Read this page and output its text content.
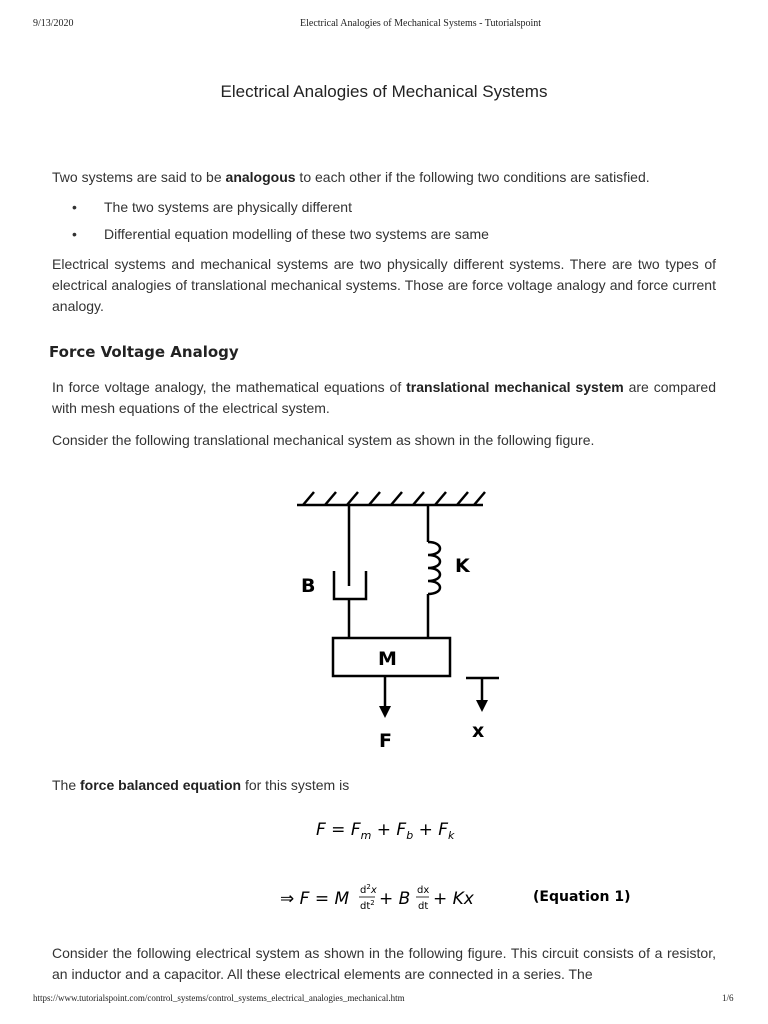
9/13/2020	Electrical Analogies of Mechanical Systems - Tutorialspoint
Electrical Analogies of Mechanical Systems

Two systems are said to be analogous to each other if the following two conditions are satisfied.

• The two systems are physically different
• Differential equation modelling of these two systems are same

Electrical systems and mechanical systems are two physically different systems. There are two types of electrical analogies of translational mechanical systems. Those are force voltage analogy and force current analogy.

Force Voltage Analogy

In force voltage analogy, the mathematical equations of translational mechanical system are compared with mesh equations of the electrical system.

Consider the following translational mechanical system as shown in the following figure.

B
K
M
F	x

The force balanced equation for this system is

$F = F_m + F_b + F_k$
⇒ F = M $d^2x$
$dt^2 + B$ dx
dt + Kx	(Equation 1)

Consider the following electrical system as shown in the following figure. This circuit consists of a resistor, an inductor and a capacitor. All these electrical elements are connected in a series. The

https://www.tutorialspoint.com/control_systems/control_systems_electrical_analogies_mechanical.htm	1/6
